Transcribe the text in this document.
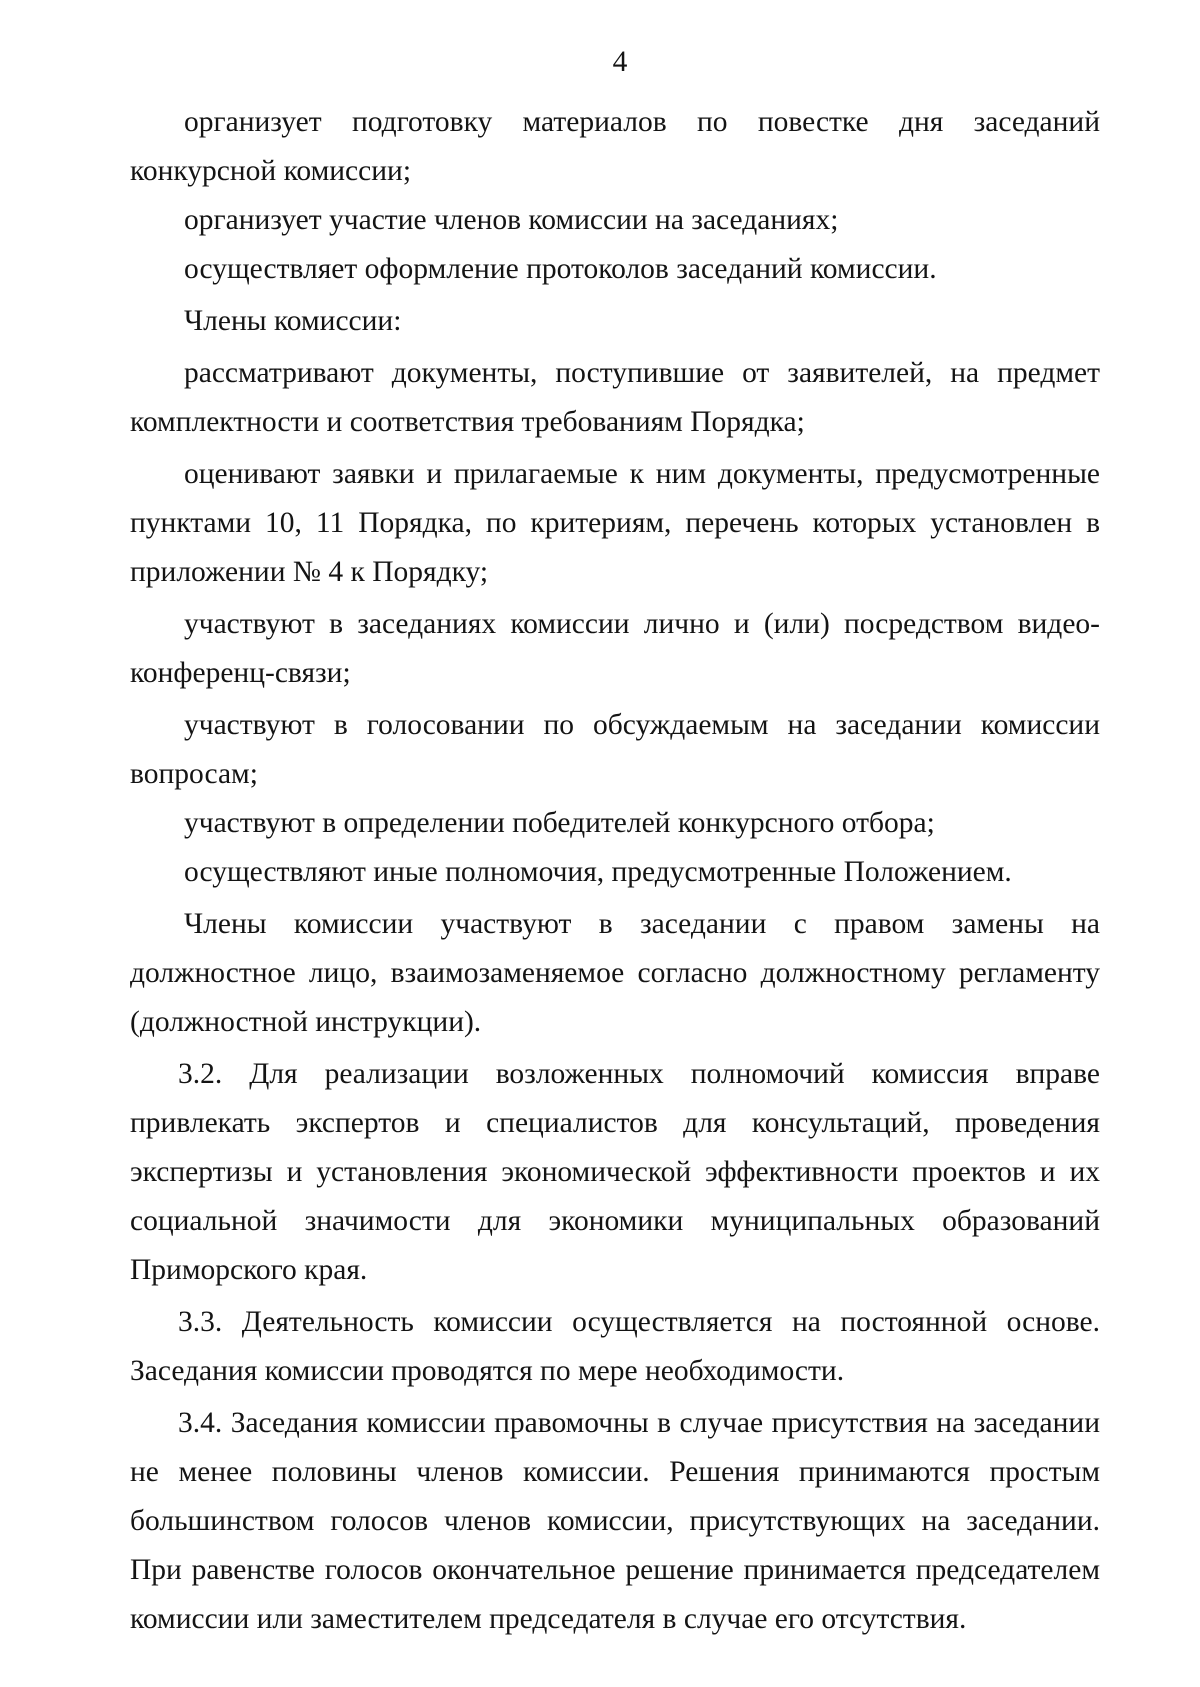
4

организует подготовку материалов по повестке дня заседаний конкурсной комиссии;

организует участие членов комиссии на заседаниях;

осуществляет оформление протоколов заседаний комиссии.

Члены комиссии:

рассматривают документы, поступившие от заявителей, на предмет комплектности и соответствия требованиям Порядка;

оценивают заявки и прилагаемые к ним документы, предусмотренные пунктами 10, 11 Порядка, по критериям, перечень которых установлен в приложении № 4 к Порядку;

участвуют в заседаниях комиссии лично и (или) посредством видео-конференц-связи;

участвуют в голосовании по обсуждаемым на заседании комиссии вопросам;

участвуют в определении победителей конкурсного отбора;

осуществляют иные полномочия, предусмотренные Положением.

Члены комиссии участвуют в заседании с правом замены на должностное лицо, взаимозаменяемое согласно должностному регламенту (должностной инструкции).

3.2. Для реализации возложенных полномочий комиссия вправе привлекать экспертов и специалистов для консультаций, проведения экспертизы и установления экономической эффективности проектов и их социальной значимости для экономики муниципальных образований Приморского края.

3.3. Деятельность комиссии осуществляется на постоянной основе. Заседания комиссии проводятся по мере необходимости.

3.4. Заседания комиссии правомочны в случае присутствия на заседании не менее половины членов комиссии. Решения принимаются простым большинством голосов членов комиссии, присутствующих на заседании. При равенстве голосов окончательное решение принимается председателем комиссии или заместителем председателя в случае его отсутствия.
